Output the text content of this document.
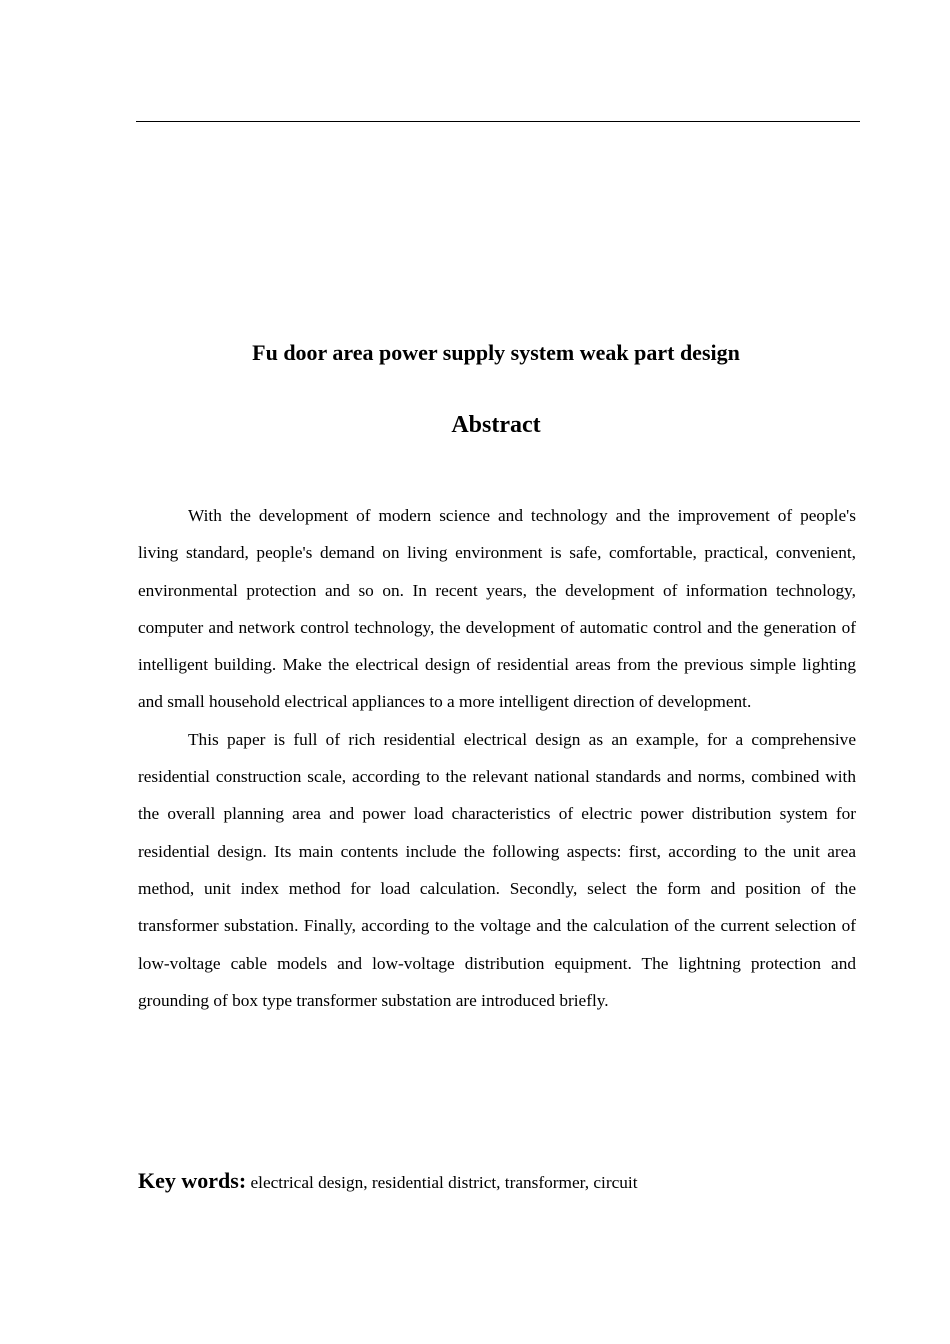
Fu door area power supply system weak part design
Abstract

With the development of modern science and technology and the improvement of people's living standard, people's demand on living environment is safe, comfortable, practical, convenient, environmental protection and so on. In recent years, the development of information technology, computer and network control technology, the development of automatic control and the generation of intelligent building. Make the electrical design of residential areas from the previous simple lighting and small household electrical appliances to a more intelligent direction of development.

This paper is full of rich residential electrical design as an example, for a comprehensive residential construction scale, according to the relevant national standards and norms, combined with the overall planning area and power load characteristics of electric power distribution system for residential design. Its main contents include the following aspects: first, according to the unit area method, unit index method for load calculation. Secondly, select the form and position of the transformer substation. Finally, according to the voltage and the calculation of the current selection of low-voltage cable models and low-voltage distribution equipment. The lightning protection and grounding of box type transformer substation are introduced briefly.

Key words: electrical design, residential district, transformer, circuit
